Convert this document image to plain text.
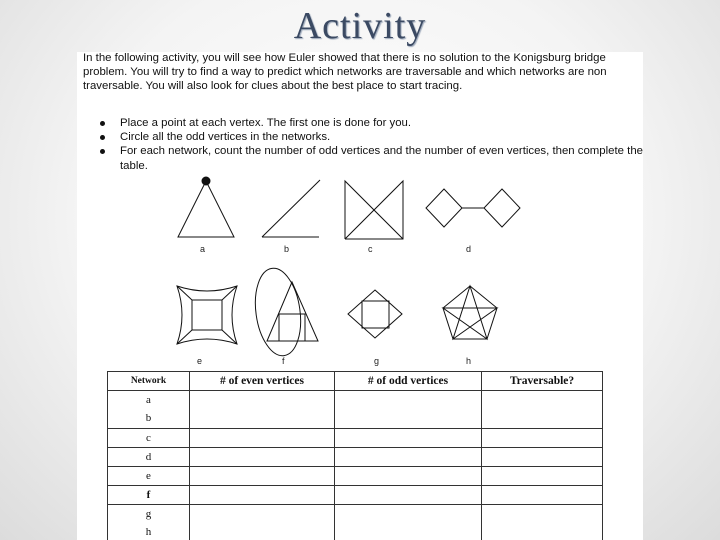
Activity

In the following activity, you will see how Euler showed that there is no solution to the Konigsburg bridge problem. You will try to find a way to predict which networks are traversable and which networks are non traversable. You will also look for clues about the best place to start tracing.

Place a point at each vertex. The first one is done for you.
Circle all the odd vertices in the networks.
For each network, count the number of odd vertices and the number of even vertices, then complete the table.
a	b	c	d
e	f	g	h
Network	# of even vertices	# of odd vertices	Traversable?
a
b			
c			
d			
e			
f			
g
h			
